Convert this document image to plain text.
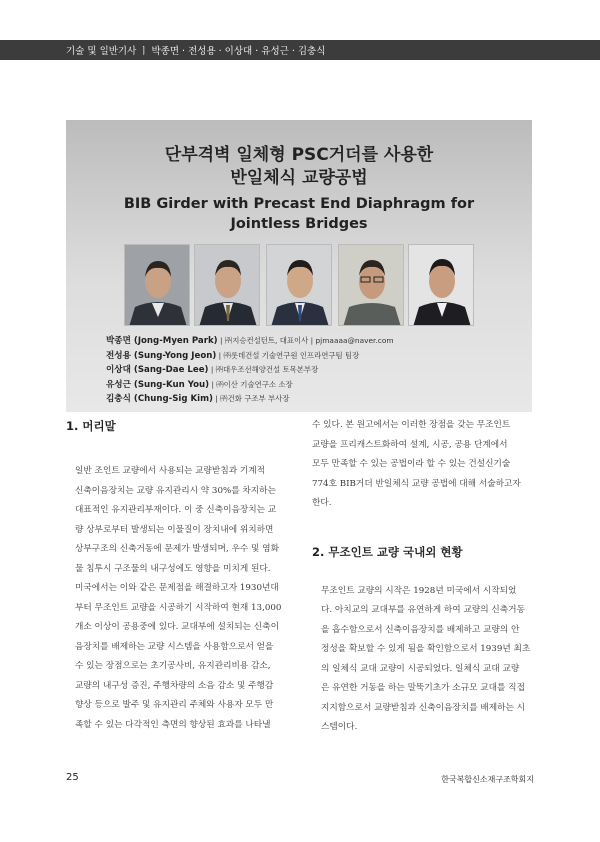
기술 및 일반기사 ㅣ 박종면 · 전성용 · 이상대 · 유성근 · 김충식
단부격벽 일체형 PSC거더를 사용한
반일체식 교량공법
BIB Girder with Precast End Diaphragm for
Jointless Bridges
박종면 (Jong-Myen Park) | ㈜지승컨설턴트, 대표이사 | pjmaaaa@naver.com
전성용 (Sung-Yong Jeon) | ㈜롯데건설 기술연구원 인프라연구팀 팀장
이상대 (Sang-Dae Lee) | ㈜대우조선해양건설 토목본부장
유성근 (Sung-Kun You) | ㈜이산 기술연구소 소장
김충식 (Chung-Sig Kim) | ㈜건화 구조부 부사장
1. 머리말
일반 조인트 교량에서 사용되는 교량받침과 기계적
신축이음장치는 교량 유지관리시 약 30%를 차지하는
대표적인 유지관리부재이다. 이 중 신축이음장치는 교
량 상부로부터 발생되는 이물질이 장치내에 위치하면
상부구조의 신축거동에 문제가 발생되며, 우수 및 염화
물 침투시 구조물의 내구성에도 영향을 미치게 된다.
미국에서는 이와 같은 문제점을 해결하고자 1930년대
부터 무조인트 교량을 시공하기 시작하여 현재 13,000
개소 이상이 공용중에 있다. 교대부에 설치되는 신축이
음장치를 배제하는 교량 시스템을 사용함으로서 얻을
수 있는 장점으로는 초기공사비, 유지관리비용 감소,
교량의 내구성 증진, 주행차량의 소음 감소 및 주행감
향상 등으로 발주 및 유지관리 주체와 사용자 모두 만
족할 수 있는 다각적인 측면의 향상된 효과를 나타낼
수 있다. 본 원고에서는 이러한 장점을 갖는 무조인트
교량을 프리캐스트화하여 설계, 시공, 공용 단계에서
모두 만족할 수 있는 공법이라 할 수 있는 건설신기술
774호 BIB거더 반일체식 교량 공법에 대해 서술하고자
한다.
2. 무조인트 교량 국내외 현황
무조인트 교량의 시작은 1928년 미국에서 시작되었
다. 아치교의 교대부를 유연하게 하여 교량의 신축거동
을 흡수함으로서 신축이음장치를 배제하고 교량의 안
정성을 확보할 수 있게 됨을 확인함으로서 1939년 최초
의 일체식 교대 교량이 시공되었다. 일체식 교대 교량
은 유연한 거동을 하는 말뚝기초가 소규모 교대를 직접
지지함으로서 교량받침과 신축이음장치를 배제하는 시
스템이다.
25	한국복합신소재구조학회지
